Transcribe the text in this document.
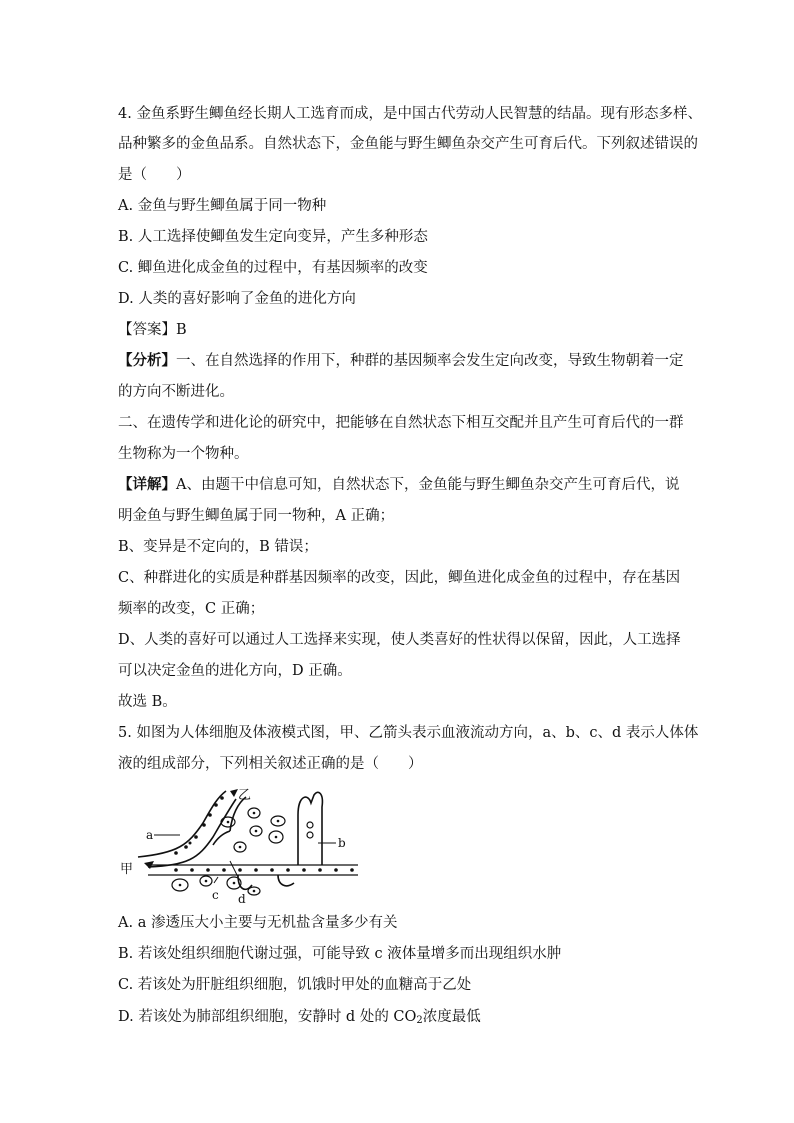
4. 金鱼系野生鲫鱼经长期人工选育而成，是中国古代劳动人民智慧的结晶。现有形态多样、
品种繁多的金鱼品系。自然状态下，金鱼能与野生鲫鱼杂交产生可育后代。下列叙述错误的
是（　　）
A. 金鱼与野生鲫鱼属于同一物种
B. 人工选择使鲫鱼发生定向变异，产生多种形态
C. 鲫鱼进化成金鱼的过程中，有基因频率的改变
D. 人类的喜好影响了金鱼的进化方向
【答案】B
【分析】一、在自然选择的作用下，种群的基因频率会发生定向改变，导致生物朝着一定
的方向不断进化。
二、在遗传学和进化论的研究中，把能够在自然状态下相互交配并且产生可育后代的一群
生物称为一个物种。
【详解】A、由题干中信息可知，自然状态下，金鱼能与野生鲫鱼杂交产生可育后代，说
明金鱼与野生鲫鱼属于同一物种，A 正确；
B、变异是不定向的，B 错误；
C、种群进化的实质是种群基因频率的改变，因此，鲫鱼进化成金鱼的过程中，存在基因
频率的改变，C 正确；
D、人类的喜好可以通过人工选择来实现，使人类喜好的性状得以保留，因此，人工选择
可以决定金鱼的进化方向，D 正确。
故选 B。
5. 如图为人体细胞及体液模式图，甲、乙箭头表示血液流动方向，a、b、c、d 表示人体体
液的组成部分，下列相关叙述正确的是（　　）
乙
甲
a
b
c d
A. a 渗透压大小主要与无机盐含量多少有关
B. 若该处组织细胞代谢过强，可能导致 c 液体量增多而出现组织水肿
C. 若该处为肝脏组织细胞，饥饿时甲处的血糖高于乙处
D. 若该处为肺部组织细胞，安静时 d 处的 $CO_2$浓度最低
